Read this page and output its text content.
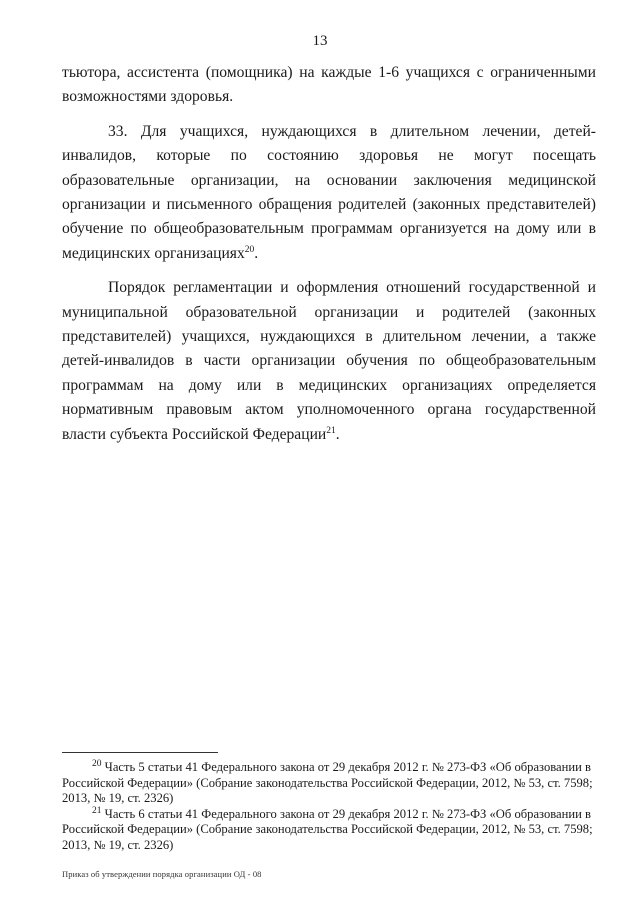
13

тьютора, ассистента (помощника) на каждые 1-6 учащихся с ограниченными возможностями здоровья.

33. Для учащихся, нуждающихся в длительном лечении, детей-инвалидов, которые по состоянию здоровья не могут посещать образовательные организации, на основании заключения медицинской организации и письменного обращения родителей (законных представителей) обучение по общеобразовательным программам организуется на дому или в медицинских организациях$^{20}$.

Порядок регламентации и оформления отношений государственной и муниципальной образовательной организации и родителей (законных представителей) учащихся, нуждающихся в длительном лечении, а также детей-инвалидов в части организации обучения по общеобразовательным программам на дому или в медицинских организациях определяется нормативным правовым актом уполномоченного органа государственной власти субъекта Российской Федерации$^{21}$.

$^{20}$ Часть 5 статьи 41 Федерального закона от 29 декабря 2012 г. № 273-ФЗ «Об образовании в Российской Федерации» (Собрание законодательства Российской Федерации, 2012, № 53, ст. 7598; 2013, № 19, ст. 2326)

$^{21}$ Часть 6 статьи 41 Федерального закона от 29 декабря 2012 г. № 273-ФЗ «Об образовании в Российской Федерации» (Собрание законодательства Российской Федерации, 2012, № 53, ст. 7598; 2013, № 19, ст. 2326)

Приказ об утверждении порядка организации ОД - 08
